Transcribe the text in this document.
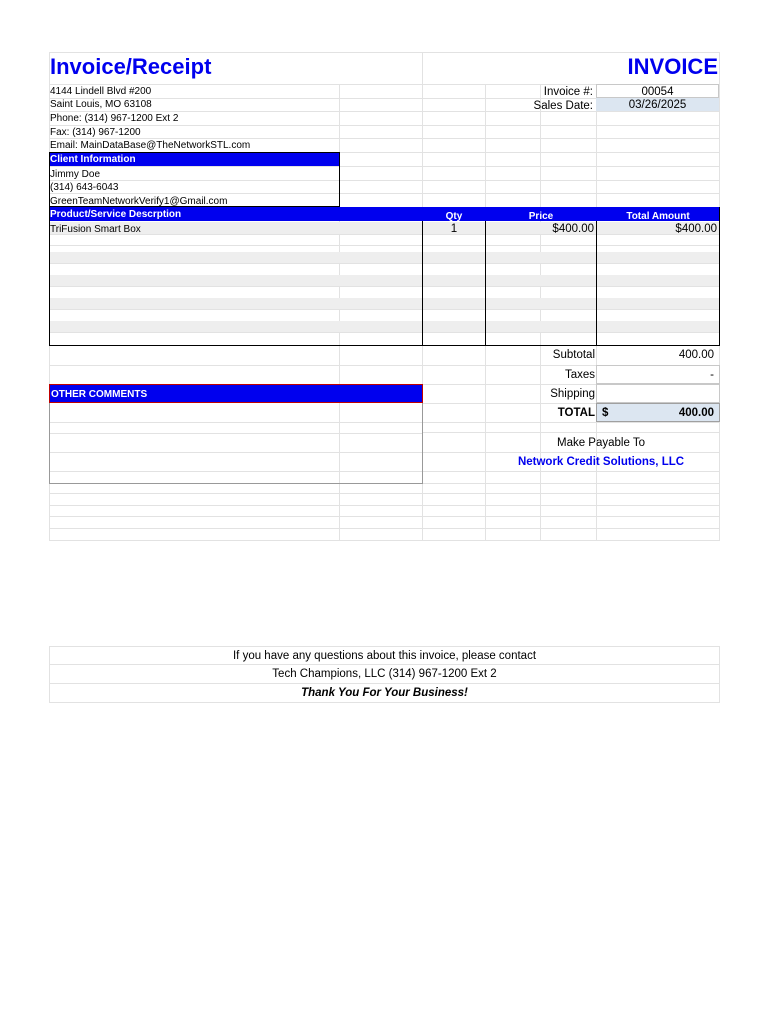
Invoice/Receipt	INVOICE
4144 Lindell Blvd #200
Saint Louis, MO 63108
Phone: (314) 967-1200 Ext 2
Fax: (314) 967-1200
Email: MainDataBase@TheNetworkSTL.com
Invoice #:	00054
Sales Date:	03/26/2025
Client Information
Jimmy Doe
(314) 643-6043
GreenTeamNetworkVerify1@Gmail.com
Product/Service Descrption	Qty	Price	Total Amount
TriFusion Smart Box	1	$400.00	$400.00
Subtotal	400.00
Taxes	-
Shipping
TOTAL $	400.00
OTHER COMMENTS
Make Payable To
Network Credit Solutions, LLC
If you have any questions about this invoice, please contact
Tech Champions, LLC (314) 967-1200 Ext 2
Thank You For Your Business!
